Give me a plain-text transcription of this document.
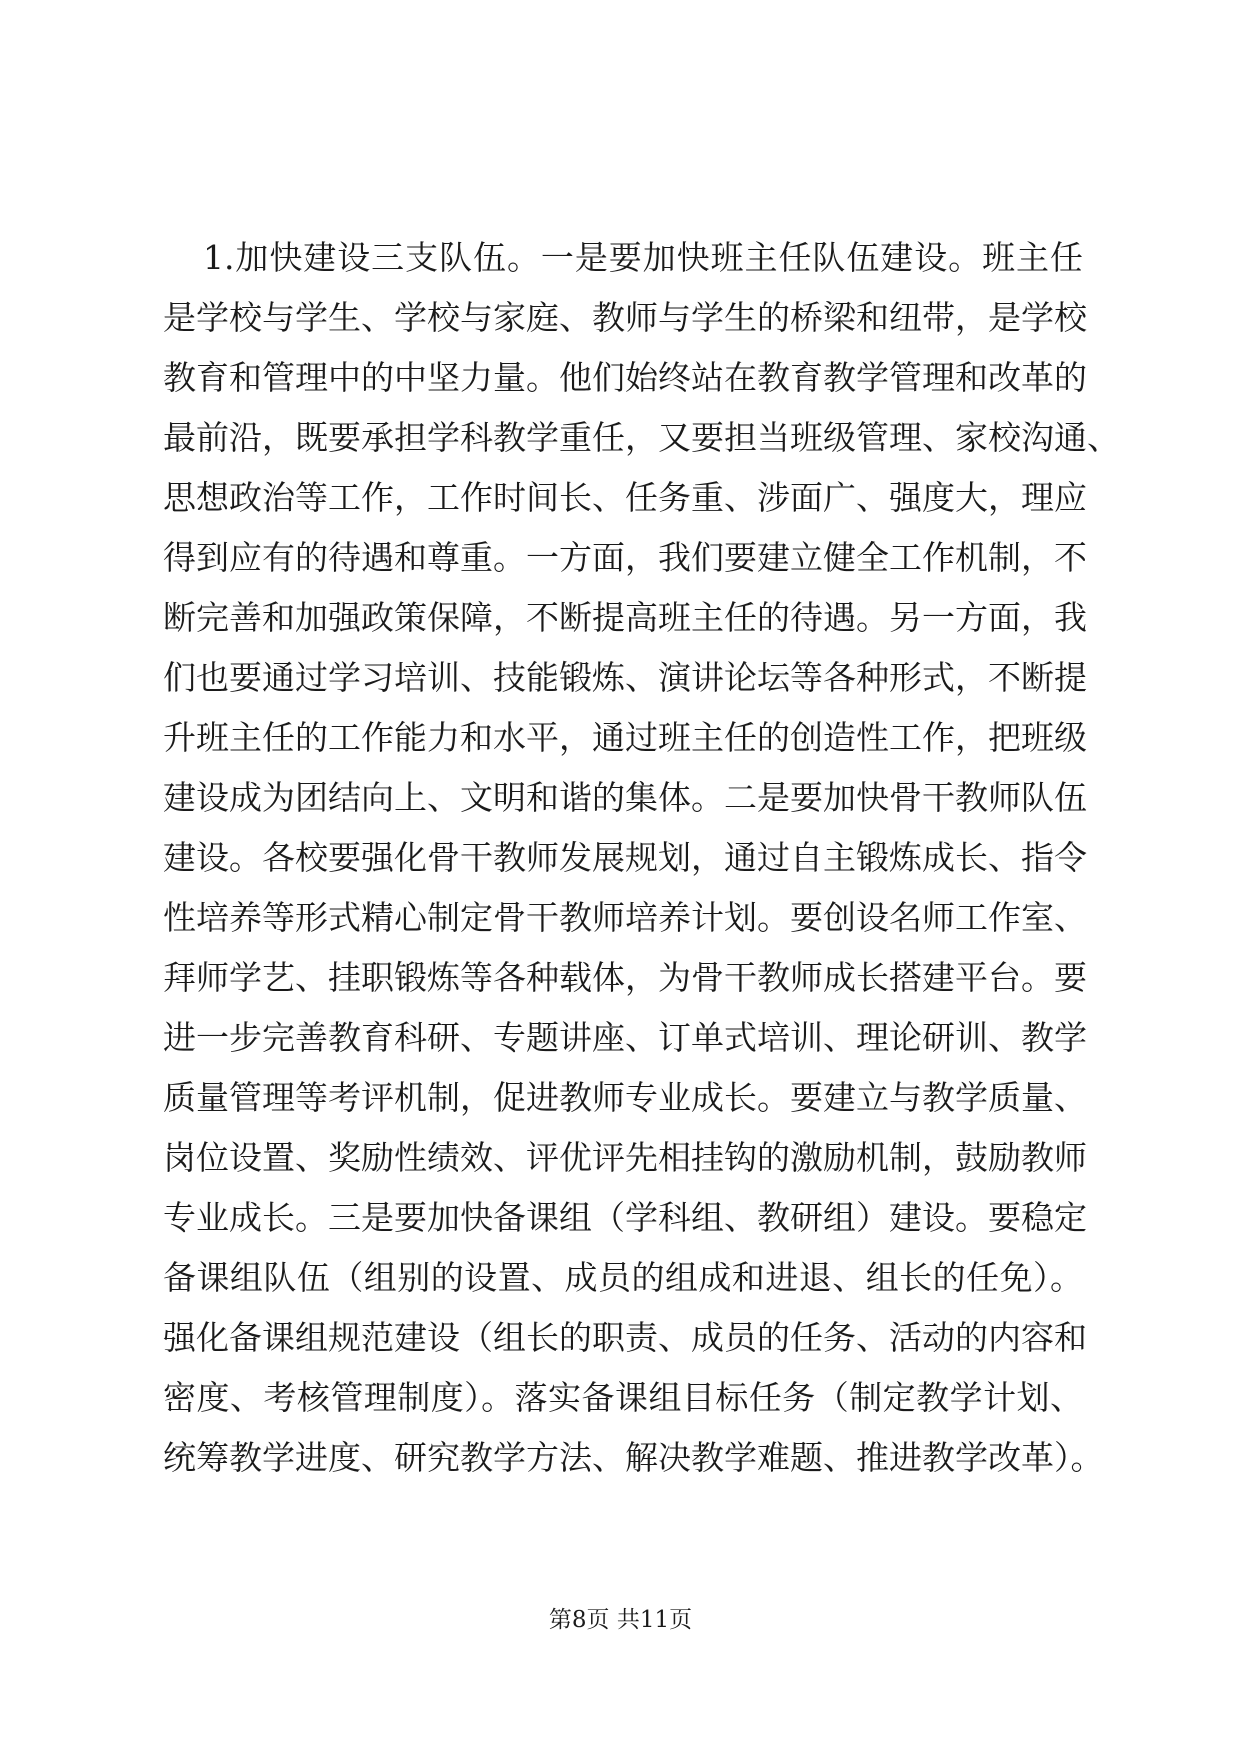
1.加快建设三支队伍。一是要加快班主任队伍建设。班主任
是学校与学生、学校与家庭、教师与学生的桥梁和纽带，是学校
教育和管理中的中坚力量。他们始终站在教育教学管理和改革的
最前沿，既要承担学科教学重任，又要担当班级管理、家校沟通、
思想政治等工作，工作时间长、任务重、涉面广、强度大，理应
得到应有的待遇和尊重。一方面，我们要建立健全工作机制，不
断完善和加强政策保障，不断提高班主任的待遇。另一方面，我
们也要通过学习培训、技能锻炼、演讲论坛等各种形式，不断提
升班主任的工作能力和水平，通过班主任的创造性工作，把班级
建设成为团结向上、文明和谐的集体。二是要加快骨干教师队伍
建设。各校要强化骨干教师发展规划，通过自主锻炼成长、指令
性培养等形式精心制定骨干教师培养计划。要创设名师工作室、
拜师学艺、挂职锻炼等各种载体，为骨干教师成长搭建平台。要
进一步完善教育科研、专题讲座、订单式培训、理论研训、教学
质量管理等考评机制，促进教师专业成长。要建立与教学质量、
岗位设置、奖励性绩效、评优评先相挂钩的激励机制，鼓励教师
专业成长。三是要加快备课组（学科组、教研组）建设。要稳定
备课组队伍（组别的设置、成员的组成和进退、组长的任免）。
强化备课组规范建设（组长的职责、成员的任务、活动的内容和
密度、考核管理制度）。落实备课组目标任务（制定教学计划、
统筹教学进度、研究教学方法、解决教学难题、推进教学改革）。
第8页 共11页
